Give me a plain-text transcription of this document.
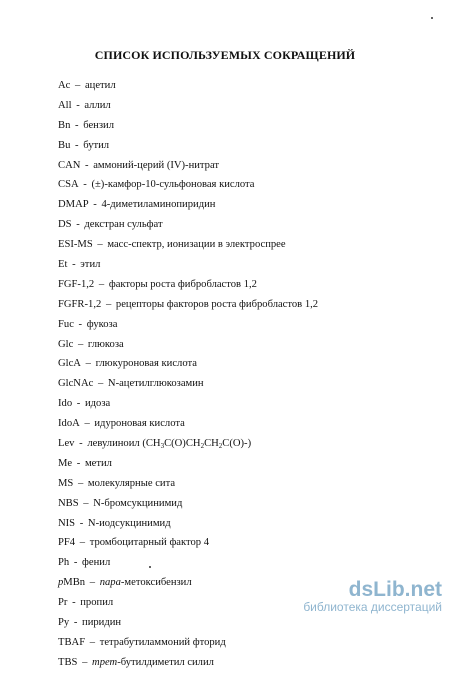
СПИСОК ИСПОЛЬЗУЕМЫХ СОКРАЩЕНИЙ
Ac – ацетил
All - аллил
Bn - бензил
Bu - бутил
CAN - аммоний-церий (IV)-нитрат
CSA - (±)-камфор-10-сульфоновая кислота
DMAP - 4-диметиламинопиридин
DS - декстран сульфат
ESI-MS – масс-спектр, ионизации в электроспрее
Et - этил
FGF-1,2 – факторы роста фибробластов 1,2
FGFR-1,2 – рецепторы факторов роста фибробластов 1,2
Fuc - фукоза
Glc – глюкоза
GlcA – глюкуроновая кислота
GlcNAc – N-ацетилглюкозамин
Ido - идоза
IdoA – идуроновая кислота
Lev - левулиноил $(CH_3C(O)CH_2CH_2C(O)-)$
Me - метил
MS – молекулярные сита
NBS – N-бромсукцинимид
NIS - N-иодсукцинимид
PF4 – тромбоцитарный фактор 4
Ph - фенил
pMBn – пара-метоксибензил
Pr - пропил
Py - пиридин
TBAF – тетрабутиламмоний фторид
TBS – трет-бутилдиметил силил
dsLib.net
библиотека диссертаций
